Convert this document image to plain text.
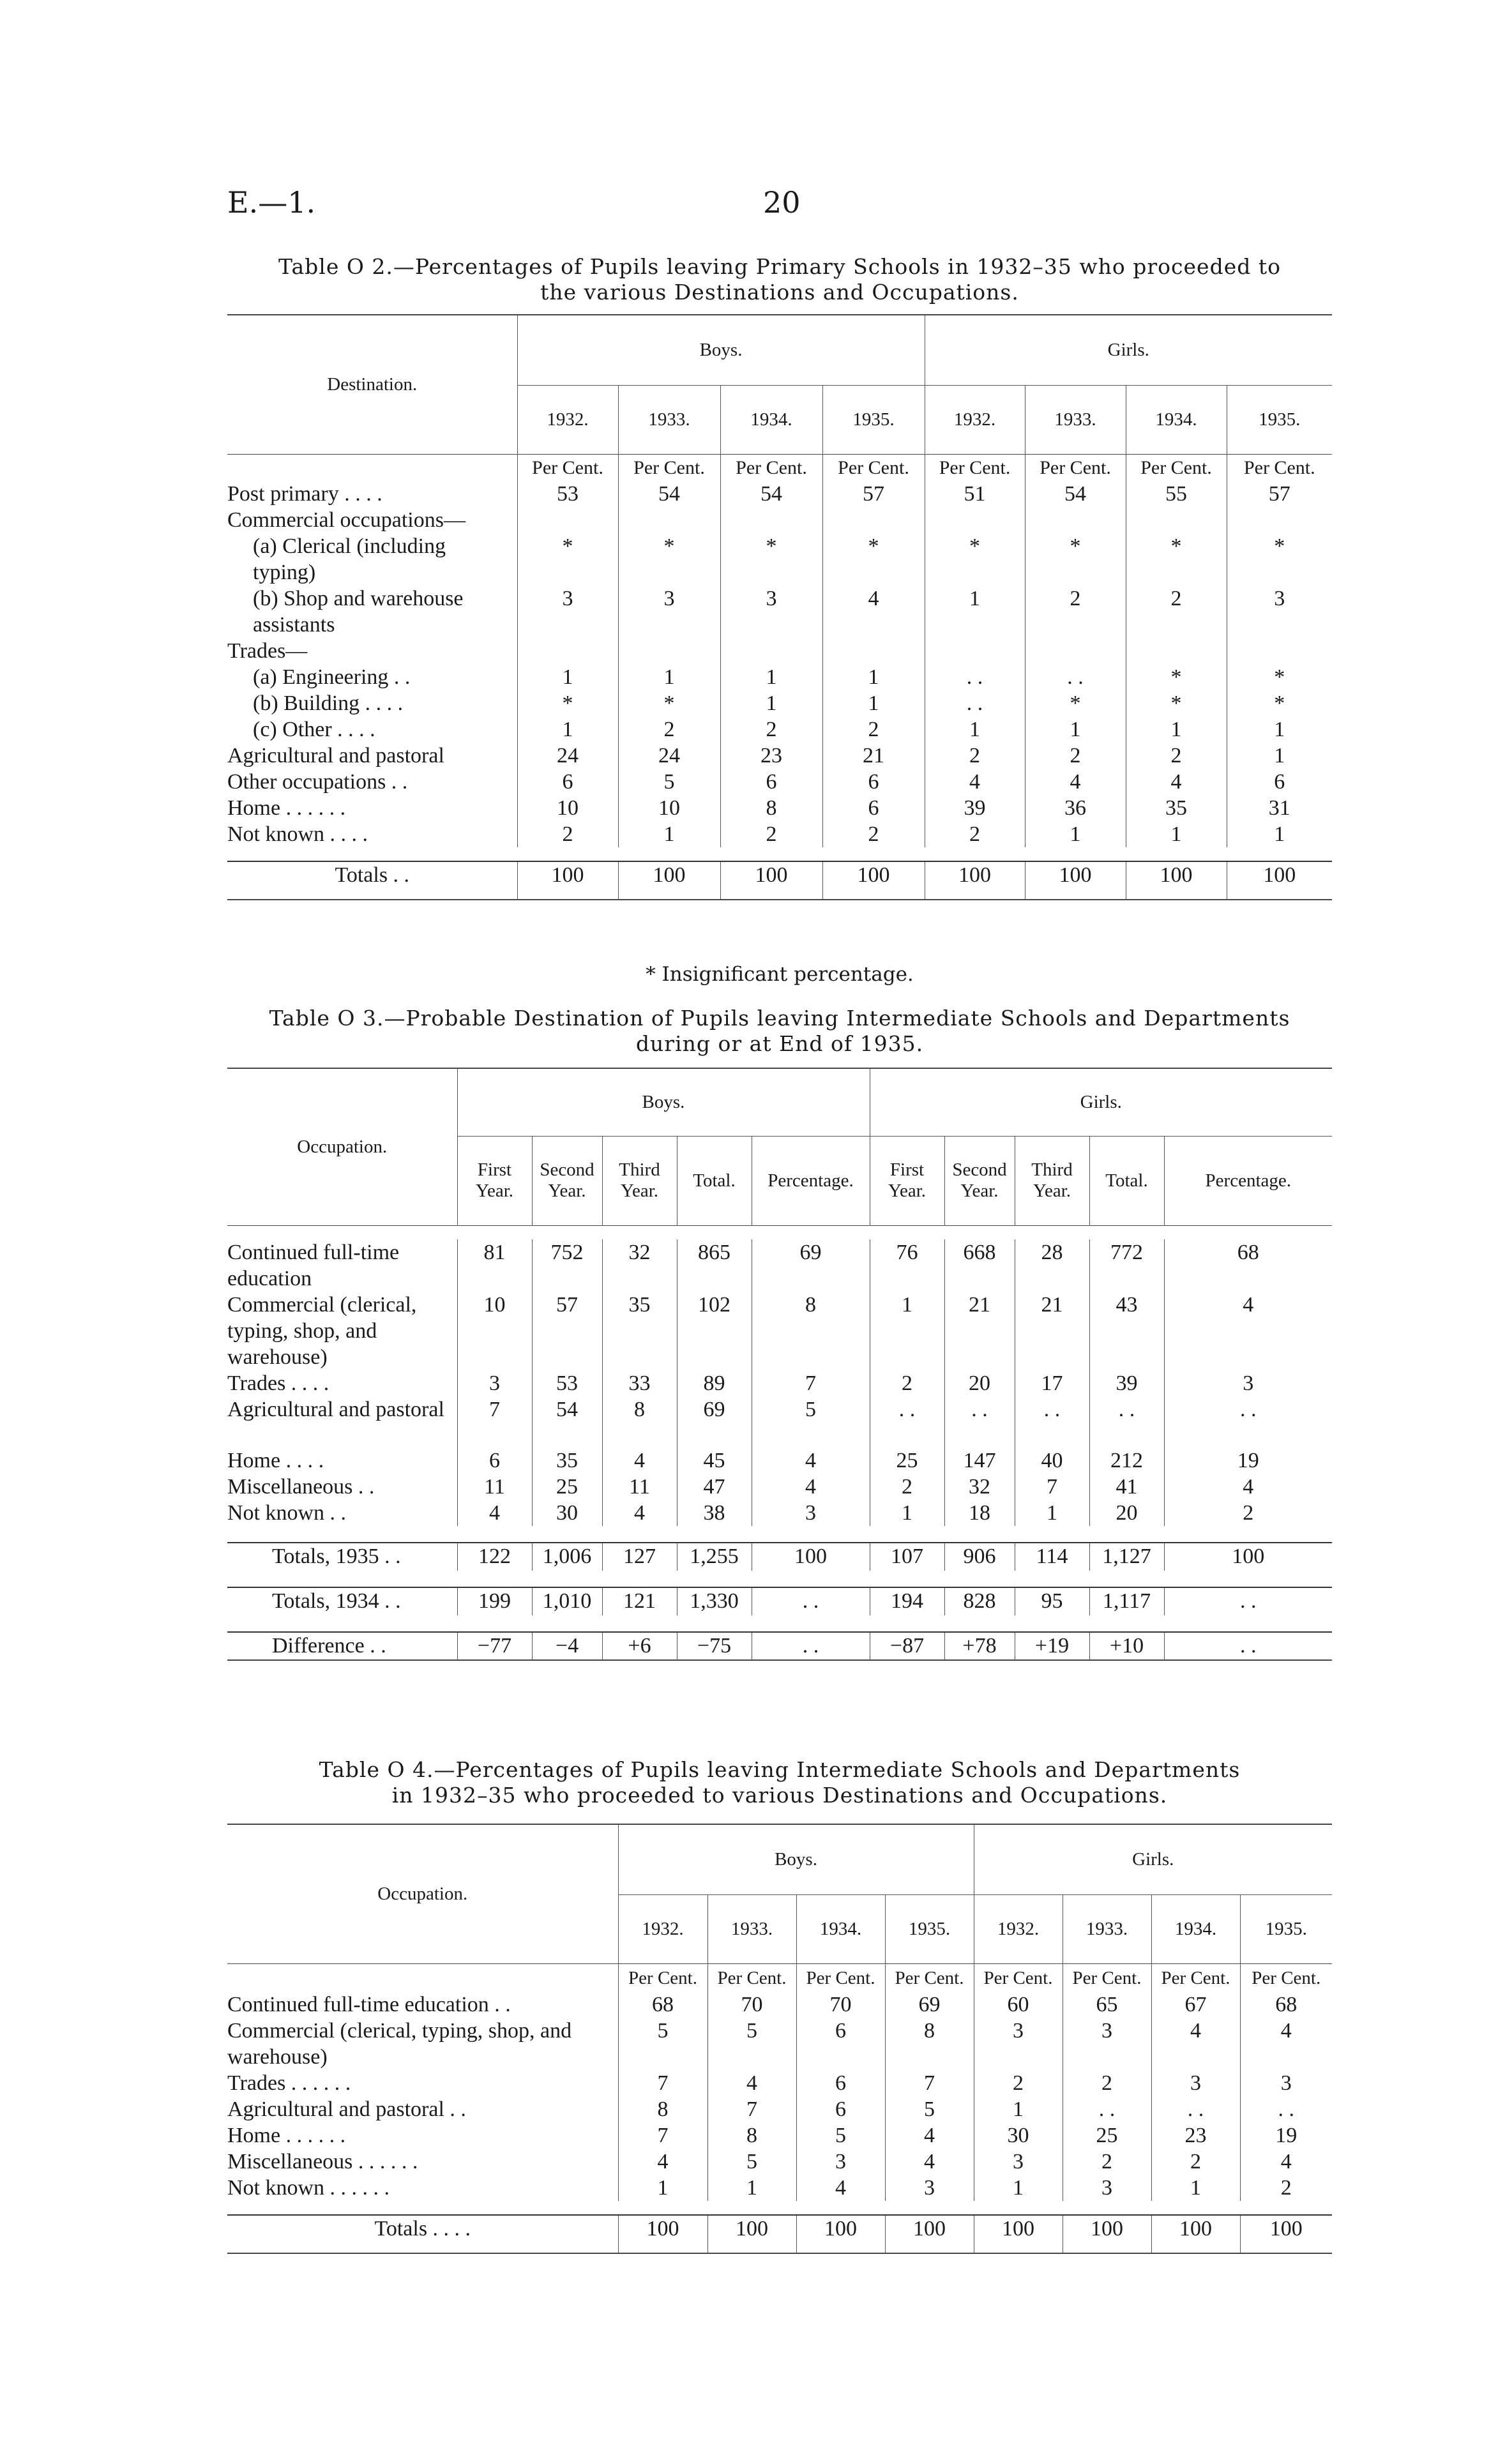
E.—1.	20
Table O 2.—Percentages of Pupils leaving Primary Schools in 1932–35 who proceeded to
the various Destinations and Occupations.
Destination.	Boys.				Girls.			
	1932.	1933.	1934.	1935.	1932.	1933.	1934.	1935.
	Per Cent.	Per Cent.	Per Cent.	Per Cent.	Per Cent.	Per Cent.	Per Cent.	Per Cent.
Post primary . . . .	53	54	54	57	51	54	55	57
Commercial occupations—								
(a) Clerical (including typing)	*	*	*	*	*	*	*	*
(b) Shop and warehouse assistants	3	3	3	4	1	2	2	3
Trades—								
(a) Engineering . .	1	1	1	1	. .	. .	*	*
(b) Building . . . .	*	*	1	1	. .	*	*	*
(c) Other . . . .	1	2	2	2	1	1	1	1
Agricultural and pastoral	24	24	23	21	2	2	2	1
Other occupations . .	6	5	6	6	4	4	4	6
Home . . . . . .	10	10	8	6	39	36	35	31
Not known . . . .	2	1	2	2	2	1	1	1

Totals . .	100	100	100	100	100	100	100	100
* Insignificant percentage.
Table O 3.—Probable Destination of Pupils leaving Intermediate Schools and Departments
during or at End of 1935.
Occupation.	Boys.					Girls.				
	First Year.	Second Year.	Third Year.	Total.	Percentage.	First Year.	Second Year.	Third Year.	Total.	Percentage.

Continued full-time education	81	752	32	865	69	76	668	28	772	68
Commercial (clerical, typing, shop, and warehouse)	10	57	35	102	8	1	21	21	43	4
Trades . . . .	3	53	33	89	7	2	20	17	39	3
Agricultural and pastoral	7	54	8	69	5	. .	. .	. .	. .	. .
Home . . . .	6	35	4	45	4	25	147	40	212	19
Miscellaneous . .	11	25	11	47	4	2	32	7	41	4
Not known . .	4	30	4	38	3	1	18	1	20	2

Totals, 1935 . .	122	1,006	127	1,255	100	107	906	114	1,127	100

Totals, 1934 . .	199	1,010	121	1,330	. .	194	828	95	1,117	. .

Difference . .	−77	−4	+6	−75	. .	−87	+78	+19	+10	. .
Table O 4.—Percentages of Pupils leaving Intermediate Schools and Departments
in 1932–35 who proceeded to various Destinations and Occupations.
Occupation.	Boys.				Girls.			
	1932.	1933.	1934.	1935.	1932.	1933.	1934.	1935.
	Per Cent.	Per Cent.	Per Cent.	Per Cent.	Per Cent.	Per Cent.	Per Cent.	Per Cent.
Continued full-time education . .	68	70	70	69	60	65	67	68
Commercial (clerical, typing, shop, and warehouse)	5	5	6	8	3	3	4	4
Trades . . . . . .	7	4	6	7	2	2	3	3
Agricultural and pastoral . .	8	7	6	5	1	. .	. .	. .
Home . . . . . .	7	8	5	4	30	25	23	19
Miscellaneous . . . . . .	4	5	3	4	3	2	2	4
Not known . . . . . .	1	1	4	3	1	3	1	2

Totals . . . .	100	100	100	100	100	100	100	100
